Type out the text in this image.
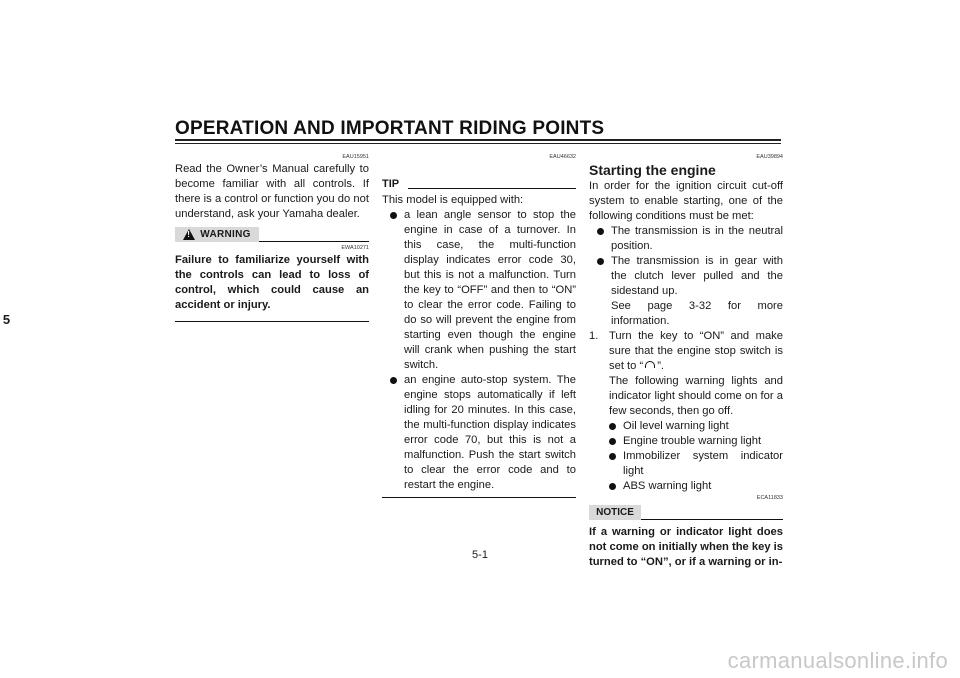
OPERATION AND IMPORTANT RIDING POINTS
5
EAU15951

Read the Owner’s Manual carefully to become familiar with all controls. If there is a control or function you do not understand, ask your Yamaha dealer.

! WARNING
EWA10271

Failure to familiarize yourself with the controls can lead to loss of control, which could cause an accident or injury.

EAU46632
TIP

This model is equipped with:

a lean angle sensor to stop the engine in case of a turnover. In this case, the multi-function display indicates error code 30, but this is not a malfunction. Turn the key to “OFF” and then to “ON” to clear the error code. Failing to do so will prevent the engine from starting even though the engine will crank when pushing the start switch.
an engine auto-stop system. The engine stops automatically if left idling for 20 minutes. In this case, the multi-function display indicates error code 70, but this is not a malfunction. Push the start switch to clear the error code and to restart the engine.
EAU39894
Starting the engine

In order for the ignition circuit cut-off system to enable starting, one of the following conditions must be met:

The transmission is in the neutral position.
The transmission is in gear with the clutch lever pulled and the sidestand up.
See page 3-32 for more information.
1. Turn the key to “ON” and make sure that the engine stop switch is set to “ ”.
The following warning lights and indicator light should come on for a few seconds, then go off.
Oil level warning light
Engine trouble warning light
Immobilizer system indicator light
ABS warning light
ECA11833
NOTICE

If a warning or indicator light does not come on initially when the key is turned to “ON”, or if a warning or in-

5-1
carmanualsonline.info
